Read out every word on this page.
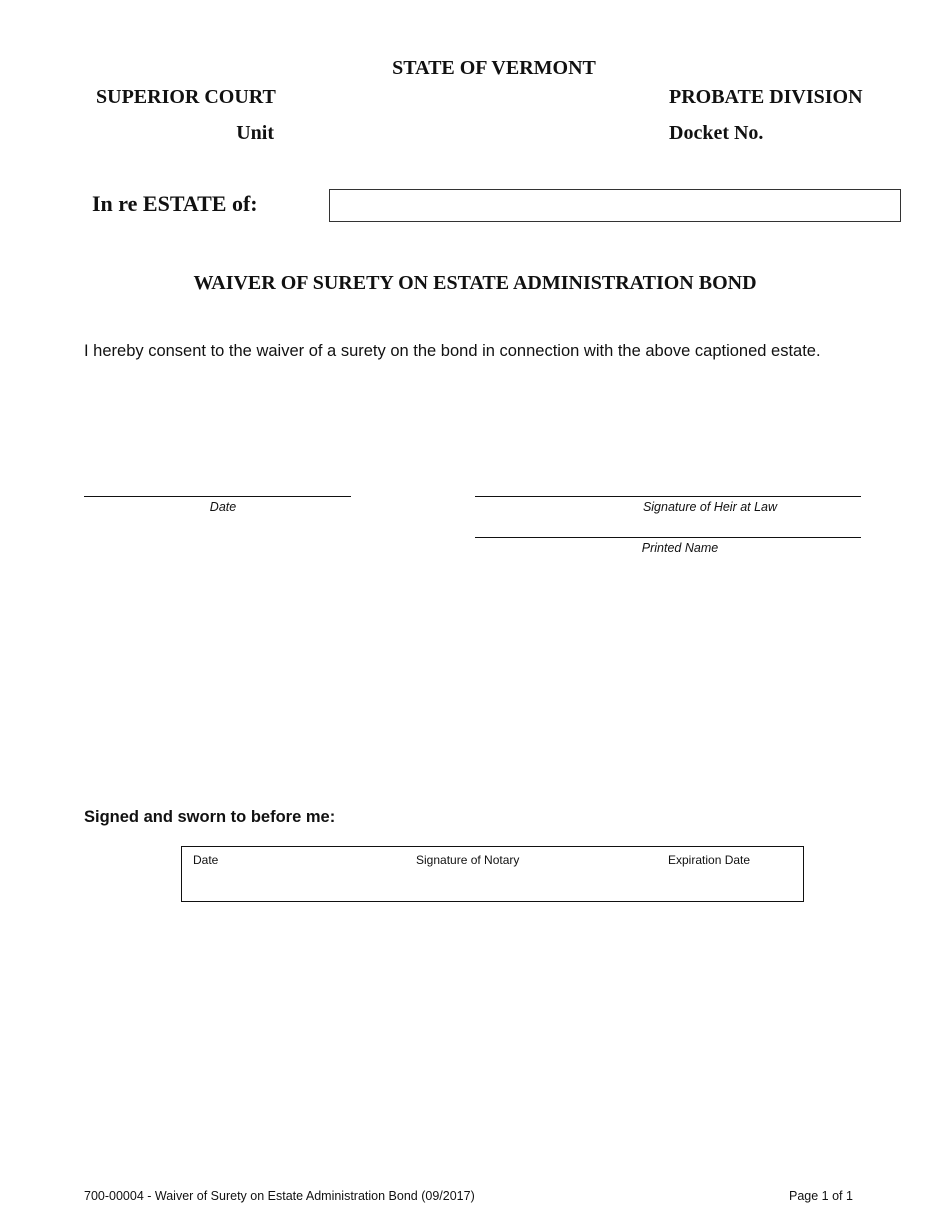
STATE OF VERMONT
SUPERIOR COURT	PROBATE DIVISION
Unit	Docket No.
In re ESTATE of:
WAIVER OF SURETY ON ESTATE ADMINISTRATION BOND
I hereby consent to the waiver of a surety on the bond in connection with the above captioned estate.
Date	Signature of Heir at Law
Printed Name
Signed and sworn to before me:
Date	Signature of Notary	Expiration Date
700-00004 - Waiver of Surety on Estate Administration Bond (09/2017)	Page 1 of 1
